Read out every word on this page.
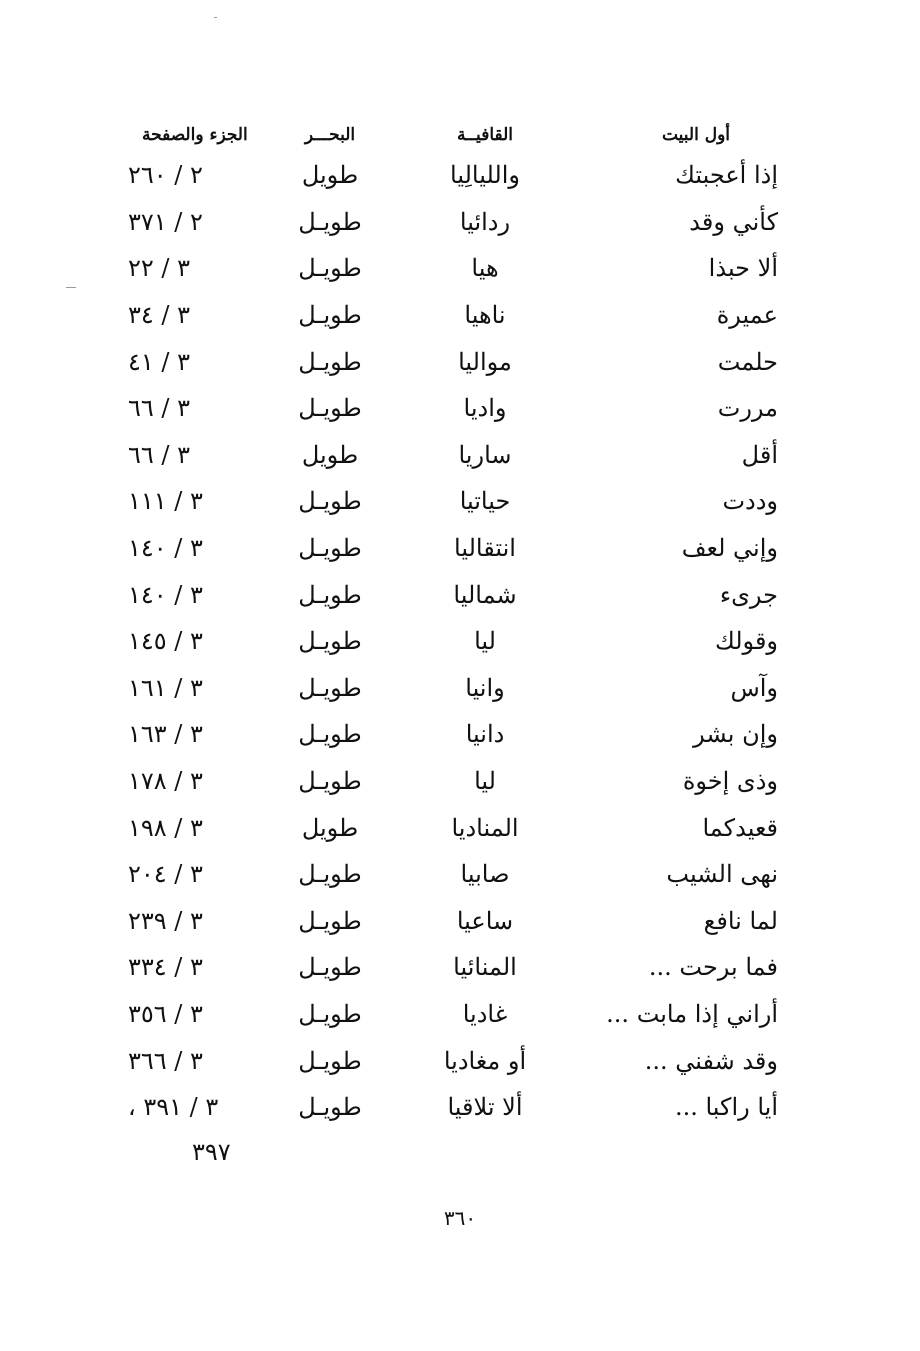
أول البيت
القافيــة
البحـــر
الجزء والصفحة
إذا أعجبتك
والليالِيا
طويل
٢ / ٢٦٠
كأني وقد
ردائيا
طويـل
٢ / ٣٧١
ألا حبذا
هيا
طويـل
٣ / ٢٢
عميرة
ناهيا
طويـل
٣ / ٣٤
حلمت
مواليا
طويـل
٣ / ٤١
مررت
واديا
طويـل
٣ / ٦٦
أقل
ساريا
طويل
٣ / ٦٦
وددت
حياتيا
طويـل
٣ / ١١١
وإني لعف
انتقاليا
طويـل
٣ / ١٤٠
جرىء
شماليا
طويـل
٣ / ١٤٠
وقولك
ليا
طويـل
٣ / ١٤٥
وآس
وانيا
طويـل
٣ / ١٦١
وإن بشر
دانيا
طويـل
٣ / ١٦٣
وذى إخوة
ليا
طويـل
٣ / ١٧٨
قعيدكما
المناديا
طويل
٣ / ١٩٨
نهى الشيب
صابيا
طويـل
٣ / ٢٠٤
لما نافع
ساعيا
طويـل
٣ / ٢٣٩
فما برحت ...
المنائيا
طويـل
٣ / ٣٣٤
أراني إذا مابت ...
غاديا
طويـل
٣ / ٣٥٦
وقد شفني ...
أو مغاديا
طويـل
٣ / ٣٦٦
أيا راكبا ...
ألا تلاقيا
طويـل
٣ / ٣٩١ ،
٣٩٧
٣٦٠
